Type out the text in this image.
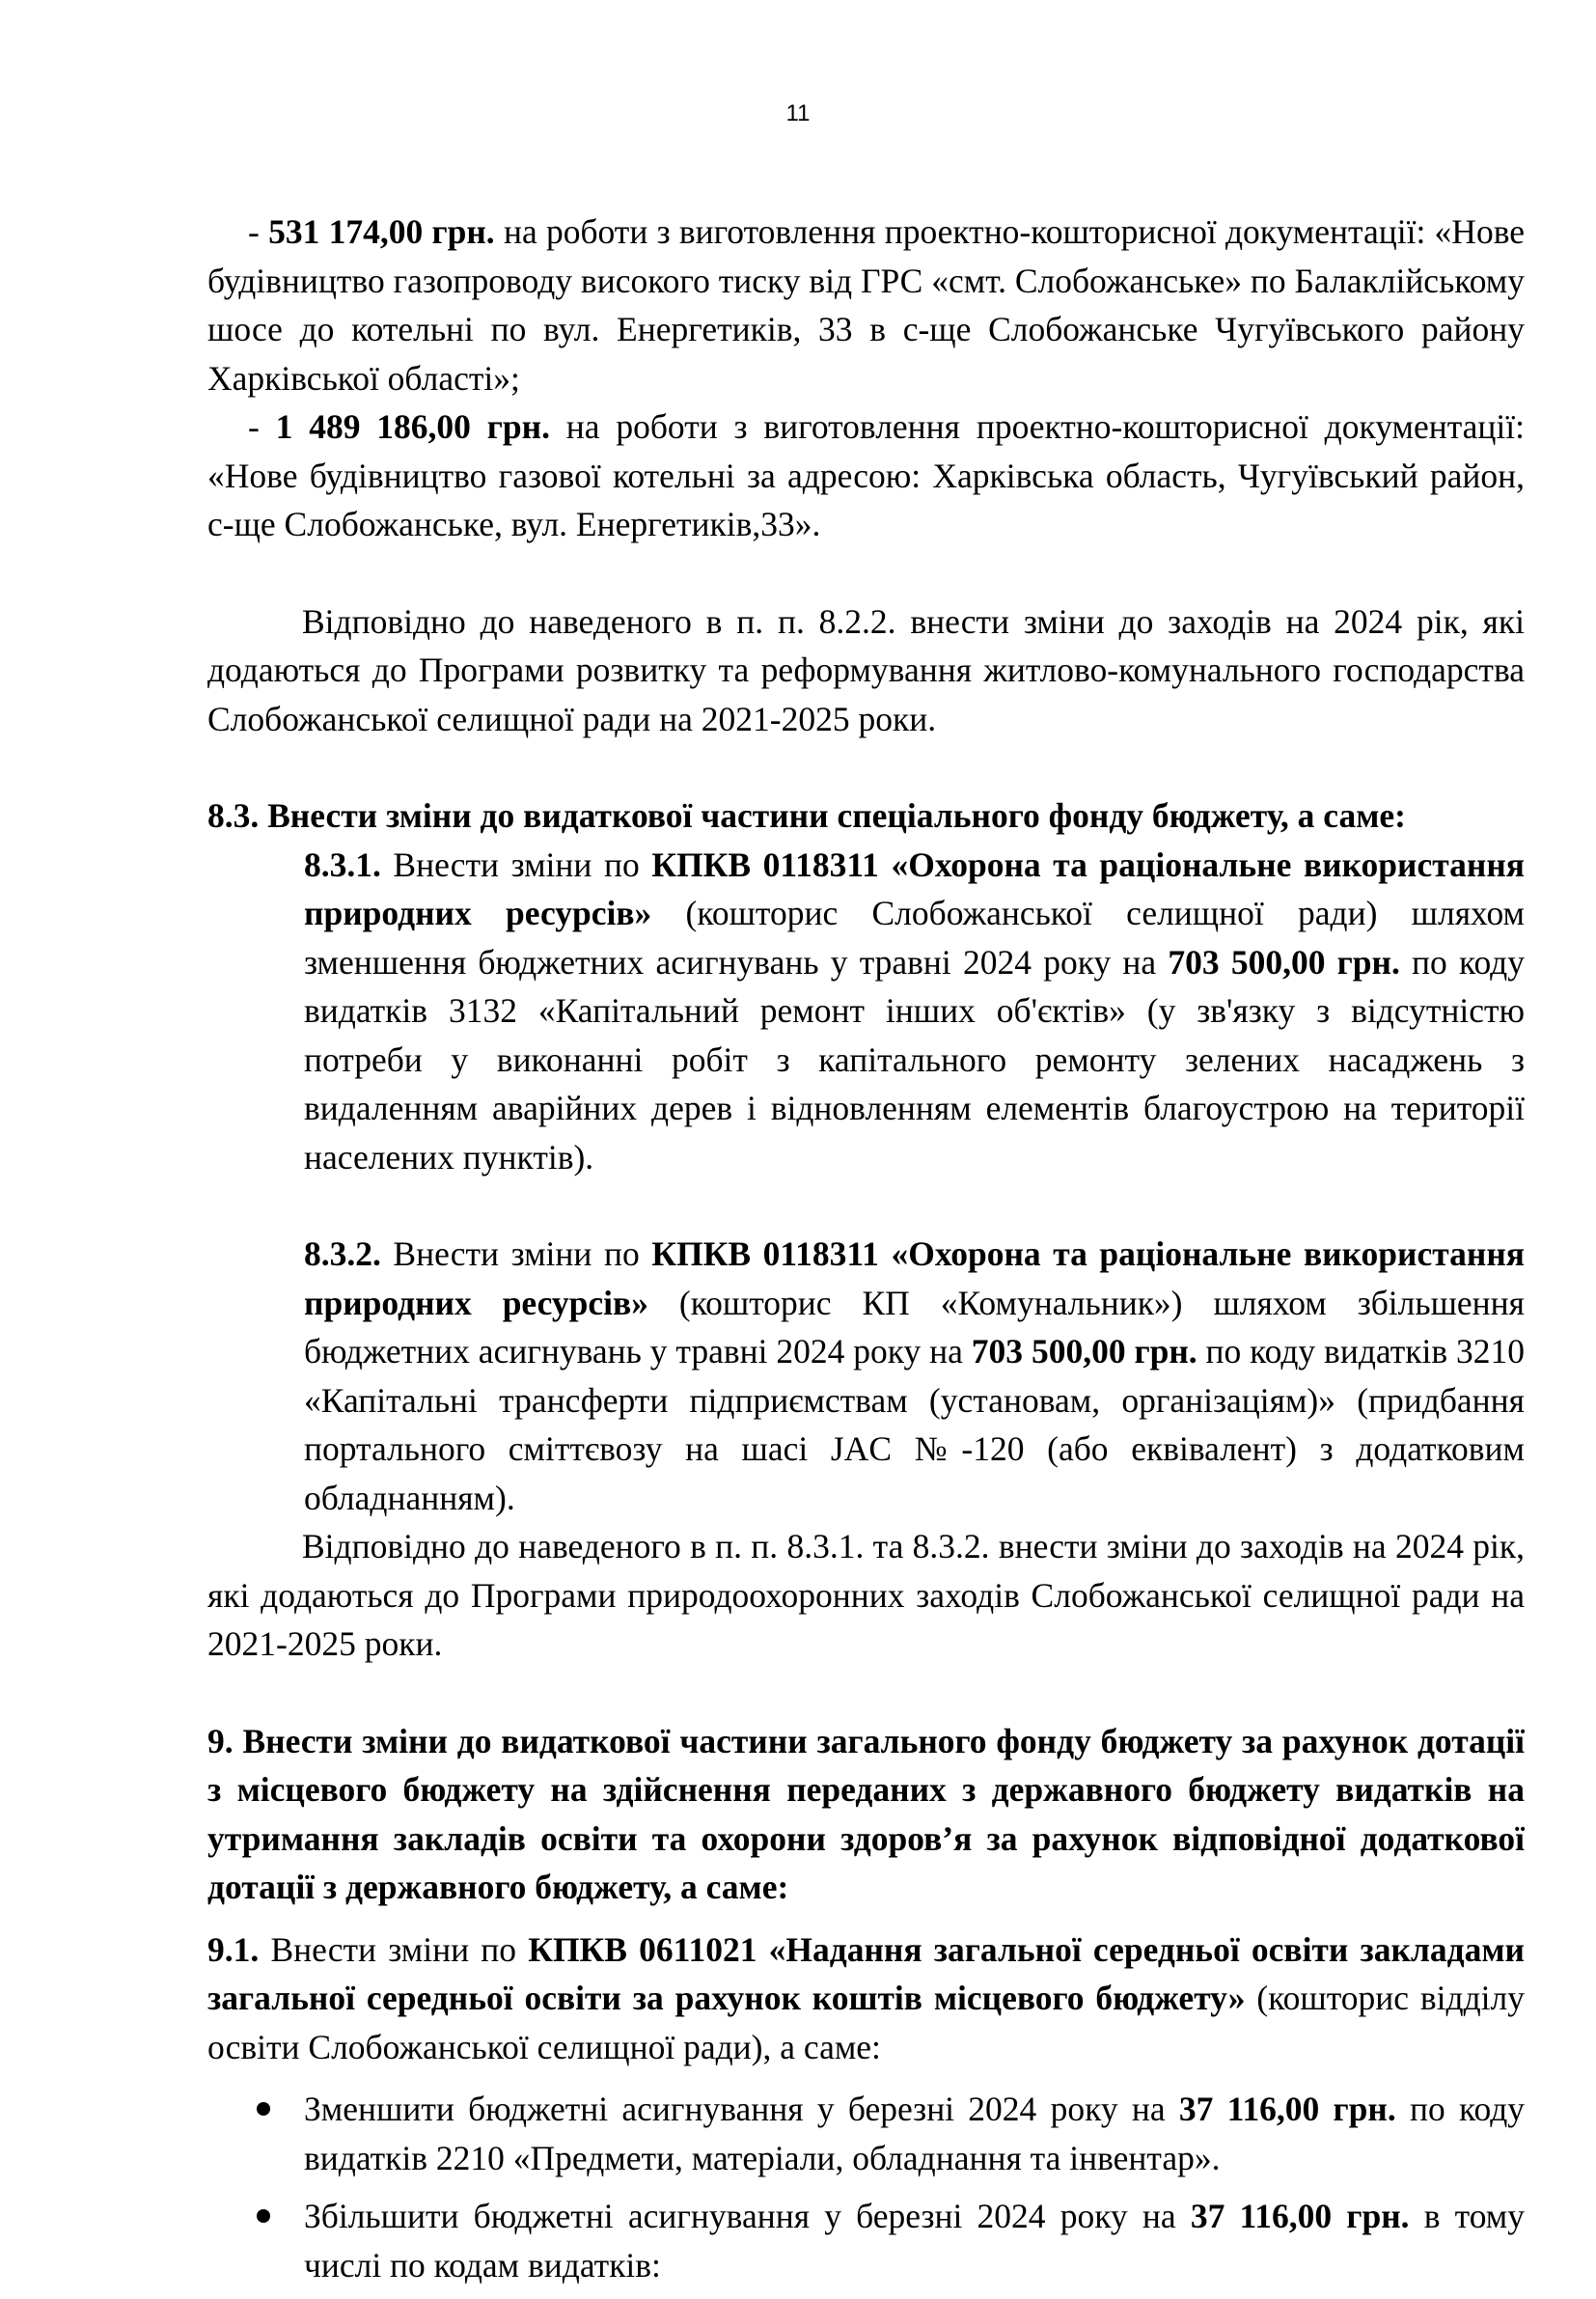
11

- 531 174,00 грн. на роботи з виготовлення проектно-кошторисної документації: «Нове будівництво газопроводу високого тиску від ГРС «смт. Слобожанське» по Балаклійському шосе до котельні по вул. Енергетиків, 33 в с-ще Слобожанське Чугуївського району Харківської області»;

- 1 489 186,00 грн. на роботи з виготовлення проектно-кошторисної документації: «Нове будівництво газової котельні за адресою: Харківська область, Чугуївський район, с-ще Слобожанське, вул. Енергетиків,33».

Відповідно до наведеного в п. п. 8.2.2. внести зміни до заходів на 2024 рік, які додаються до Програми розвитку та реформування житлово-комунального господарства Слобожанської селищної ради на 2021-2025 роки.

8.3. Внести зміни до видаткової частини спеціального фонду бюджету, а саме:

8.3.1. Внести зміни по КПКВ 0118311 «Охорона та раціональне використання природних ресурсів» (кошторис Слобожанської селищної ради) шляхом зменшення бюджетних асигнувань у травні 2024 року на 703 500,00 грн. по коду видатків 3132 «Капітальний ремонт інших об'єктів» (у зв'язку з відсутністю потреби у виконанні робіт з капітального ремонту зелених насаджень з видаленням аварійних дерев і відновленням елементів благоустрою на території населених пунктів).

8.3.2. Внести зміни по КПКВ 0118311 «Охорона та раціональне використання природних ресурсів» (кошторис КП «Комунальник») шляхом збільшення бюджетних асигнувань у травні 2024 року на 703 500,00 грн. по коду видатків 3210 «Капітальні трансферти підприємствам (установам, організаціям)» (придбання портального сміттєвозу на шасі JAC №-120 (або еквівалент) з додатковим обладнанням).

Відповідно до наведеного в п. п. 8.3.1. та 8.3.2. внести зміни до заходів на 2024 рік, які додаються до Програми природоохоронних заходів Слобожанської селищної ради на 2021-2025 роки.

9. Внести зміни до видаткової частини загального фонду бюджету за рахунок дотації з місцевого бюджету на здійснення переданих з державного бюджету видатків на утримання закладів освіти та охорони здоров’я за рахунок відповідної додаткової дотації з державного бюджету, а саме:

9.1. Внести зміни по КПКВ 0611021 «Надання загальної середньої освіти закладами загальної середньої освіти за рахунок коштів місцевого бюджету» (кошторис відділу освіти Слобожанської селищної ради), а саме:

Зменшити бюджетні асигнування у березні 2024 року на 37 116,00 грн. по коду видатків 2210 «Предмети, матеріали, обладнання та інвентар».
Збільшити бюджетні асигнування у березні 2024 року на 37 116,00 грн. в тому числі по кодам видатків:
